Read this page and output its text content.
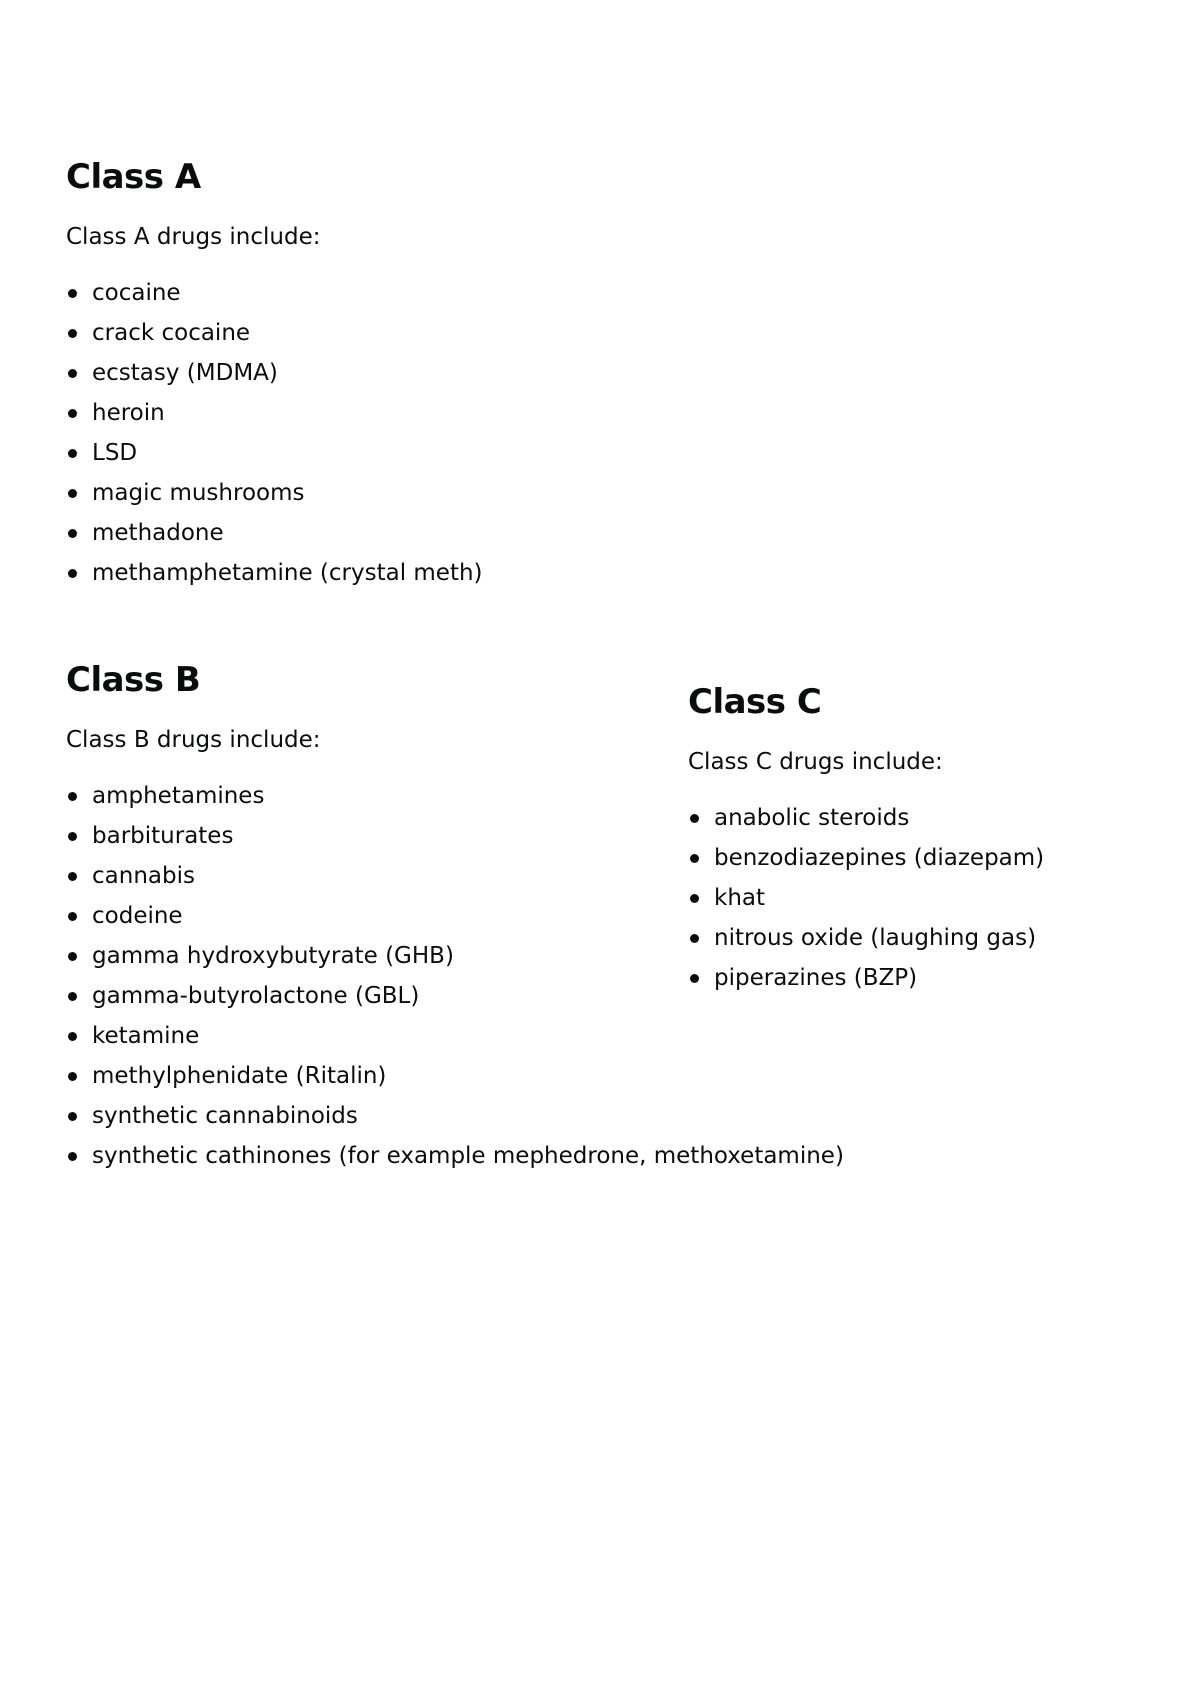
Class A

Class A drugs include:

cocaine
crack cocaine
ecstasy (MDMA)
heroin
LSD
magic mushrooms
methadone
methamphetamine (crystal meth)
Class B

Class B drugs include:

amphetamines
barbiturates
cannabis
codeine
gamma hydroxybutyrate (GHB)
gamma-butyrolactone (GBL)
ketamine
methylphenidate (Ritalin)
synthetic cannabinoids
synthetic cathinones (for example mephedrone, methoxetamine)
Class C

Class C drugs include:

anabolic steroids
benzodiazepines (diazepam)
khat
nitrous oxide (laughing gas)
piperazines (BZP)
